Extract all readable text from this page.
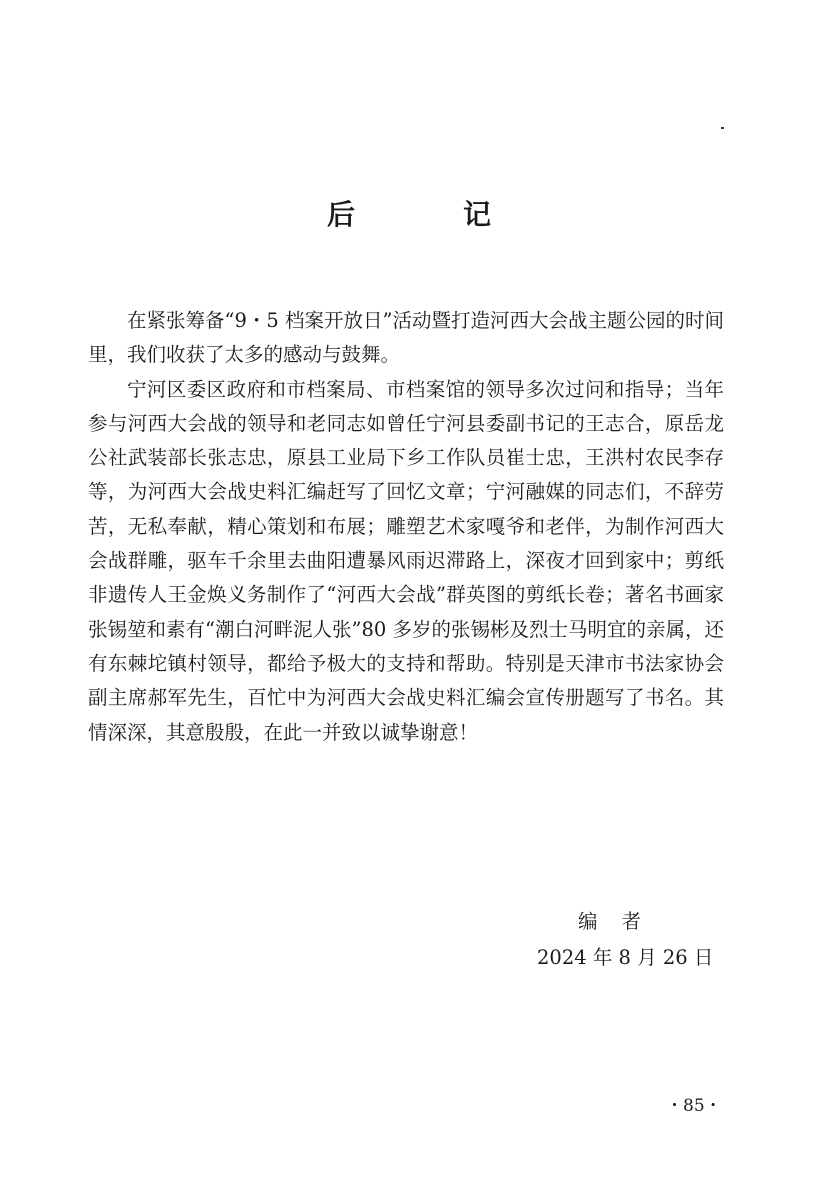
后　记

在紧张筹备“9・5 档案开放日”活动暨打造河西大会战主题公园的时间里，我们收获了太多的感动与鼓舞。

宁河区委区政府和市档案局、市档案馆的领导多次过问和指导；当年参与河西大会战的领导和老同志如曾任宁河县委副书记的王志合，原岳龙公社武装部长张志忠，原县工业局下乡工作队员崔士忠，王洪村农民李存等，为河西大会战史料汇编赶写了回忆文章；宁河融媒的同志们，不辞劳苦，无私奉献，精心策划和布展；雕塑艺术家嘎爷和老伴，为制作河西大会战群雕，驱车千余里去曲阳遭暴风雨迟滞路上，深夜才回到家中；剪纸非遗传人王金焕义务制作了“河西大会战”群英图的剪纸长卷；著名书画家张锡堃和素有“潮白河畔泥人张”80 多岁的张锡彬及烈士马明宜的亲属，还有东棘坨镇村领导，都给予极大的支持和帮助。特别是天津市书法家协会副主席郝军先生，百忙中为河西大会战史料汇编会宣传册题写了书名。其情深深，其意殷殷，在此一并致以诚挚谢意！

编者
2024 年 8 月 26 日
・85・
